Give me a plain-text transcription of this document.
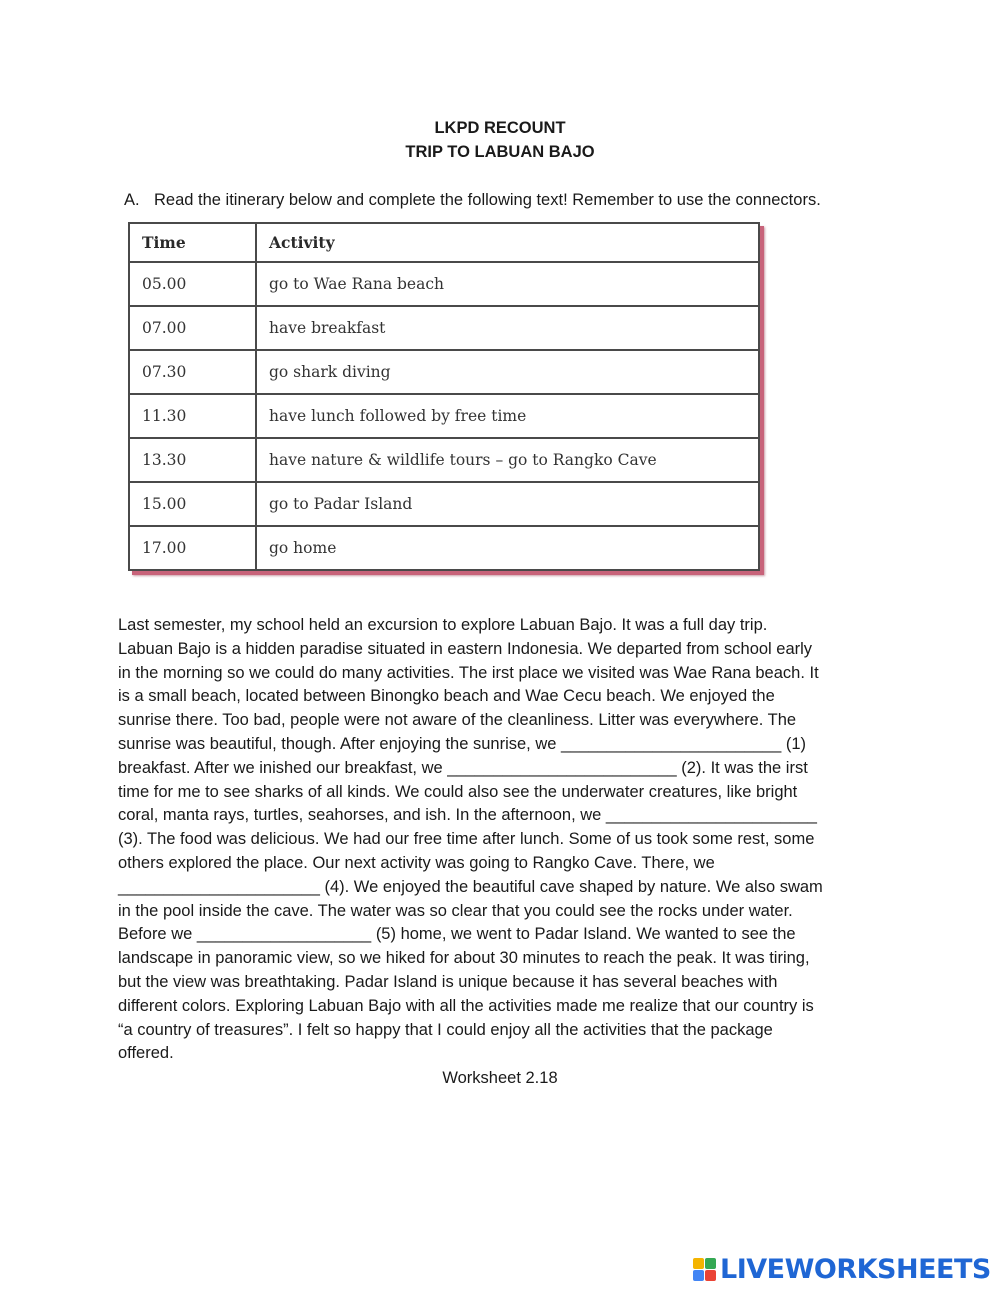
LKPD RECOUNT
TRIP TO LABUAN BAJO
A. Read the itinerary below and complete the following text! Remember to use the connectors.
Time	Activity
05.00	go to Wae Rana beach
07.00	have breakfast
07.30	go shark diving
11.30	have lunch followed by free time
13.30	have nature & wildlife tours – go to Rangko Cave
15.00	go to Padar Island
17.00	go home
Last semester, my school held an excursion to explore Labuan Bajo. It was a full day trip.
Labuan Bajo is a hidden paradise situated in eastern Indonesia. We departed from school early
in the morning so we could do many activities. The irst place we visited was Wae Rana beach. It
is a small beach, located between Binongko beach and Wae Cecu beach. We enjoyed the
sunrise there. Too bad, people were not aware of the cleanliness. Litter was everywhere. The
sunrise was beautiful, though. After enjoying the sunrise, we ________________________ (1)
breakfast. After we inished our breakfast, we _________________________ (2). It was the irst
time for me to see sharks of all kinds. We could also see the underwater creatures, like bright
coral, manta rays, turtles, seahorses, and ish. In the afternoon, we _______________________
(3). The food was delicious. We had our free time after lunch. Some of us took some rest, some
others explored the place. Our next activity was going to Rangko Cave. There, we
______________________ (4). We enjoyed the beautiful cave shaped by nature. We also swam
in the pool inside the cave. The water was so clear that you could see the rocks under water.
Before we ___________________ (5) home, we went to Padar Island. We wanted to see the
landscape in panoramic view, so we hiked for about 30 minutes to reach the peak. It was tiring,
but the view was breathtaking. Padar Island is unique because it has several beaches with
different colors. Exploring Labuan Bajo with all the activities made me realize that our country is
“a country of treasures”. I felt so happy that I could enjoy all the activities that the package
offered.
Worksheet 2.18
LIVEWORKSHEETS
